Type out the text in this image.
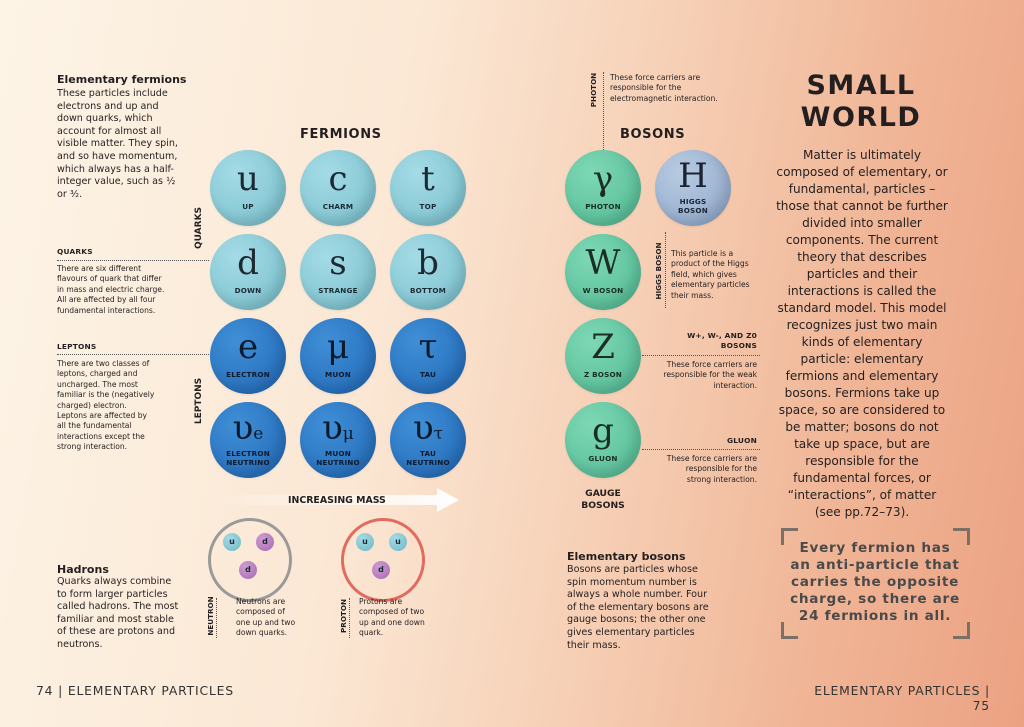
Elementary fermions
These particles include electrons and up and down quarks, which account for almost all visible matter. They spin, and so have momentum, which always has a half-integer value, such as ½ or ³⁄₂.
QUARKS
There are six different flavours of quark that differ in mass and electric charge. All are affected by all four fundamental interactions.
LEPTONS
There are two classes of leptons, charged and uncharged. The most familiar is the (negatively charged) electron. Leptons are affected by all the fundamental interactions except the strong interaction.
Hadrons
Quarks always combine to form larger particles called hadrons. The most familiar and most stable of these are protons and neutrons.
FERMIONS
QUARKS
LEPTONS
u
UP
c
CHARM
t
TOP
d
DOWN
s
STRANGE
b
BOTTOM
e
ELECTRON
μ
MUON
τ
TAU
υe
ELECTRON
NEUTRINO
υμ
MUON
NEUTRINO
υτ
TAU
NEUTRINO
INCREASING MASS
u	d
d
NEUTRON	Neutrons are composed of one up and two down quarks.
u	u
d
PROTON Protons are composed of two up and one down quark.
74 | ELEMENTARY PARTICLES
PHOTON These force carriers are responsible for the electromagnetic interaction.
BOSONS
γ
PHOTON
H
HIGGS
BOSON
W
W BOSON
Z
Z BOSON
g
GLUON
GAUGE
BOSONS
HIGGS BOSON This particle is a product of the Higgs field, which gives elementary particles their mass.
W+, W-, AND Z0
BOSONS
These force carriers are responsible for the weak interaction.
GLUON
These force carriers are responsible for the strong interaction.
Elementary bosons
Bosons are particles whose spin momentum number is always a whole number. Four of the elementary bosons are gauge bosons; the other one gives elementary particles their mass.
SMALL
WORLD
Matter is ultimately composed of elementary, or fundamental, particles – those that cannot be further divided into smaller components. The current theory that describes particles and their interactions is called the standard model. This model recognizes just two main kinds of elementary particle: elementary fermions and elementary bosons. Fermions take up space, so are considered to be matter; bosons do not take up space, but are responsible for the fundamental forces, or “interactions”, of matter (see pp.72–73).
Every fermion has an anti-particle that carries the opposite charge, so there are 24 fermions in all.
ELEMENTARY PARTICLES | 75
